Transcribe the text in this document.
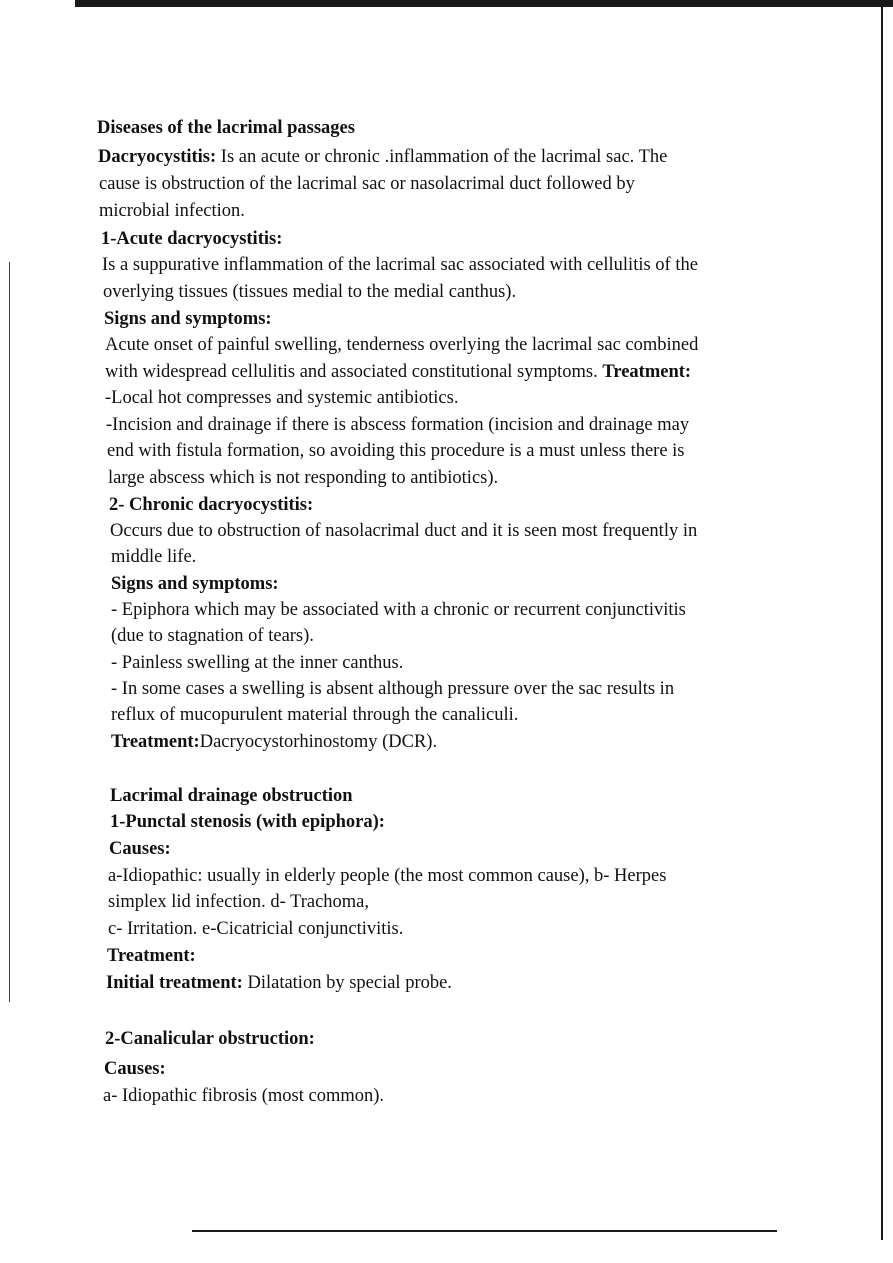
Diseases of the lacrimal passages
Dacryocystitis: Is an acute or chronic .inflammation of the lacrimal sac. The
cause is obstruction of the lacrimal sac or nasolacrimal duct followed by
microbial infection.
1-Acute dacryocystitis:
Is a suppurative inflammation of the lacrimal sac associated with cellulitis of the
overlying tissues (tissues medial to the medial canthus).
Signs and symptoms:
Acute onset of painful swelling, tenderness overlying the lacrimal sac combined
with widespread cellulitis and associated constitutional symptoms. Treatment:
-Local hot compresses and systemic antibiotics.
-Incision and drainage if there is abscess formation (incision and drainage may
end with fistula formation, so avoiding this procedure is a must unless there is
large abscess which is not responding to antibiotics).
2- Chronic dacryocystitis:
Occurs due to obstruction of nasolacrimal duct and it is seen most frequently in
middle life.
Signs and symptoms:
- Epiphora which may be associated with a chronic or recurrent conjunctivitis
(due to stagnation of tears).
- Painless swelling at the inner canthus.
- In some cases a swelling is absent although pressure over the sac results in
reflux of mucopurulent material through the canaliculi.
Treatment:Dacryocystorhinostomy (DCR).
Lacrimal drainage obstruction
1-Punctal stenosis (with epiphora):
Causes:
a-Idiopathic: usually in elderly people (the most common cause), b- Herpes
simplex lid infection. d- Trachoma,
c- Irritation. e-Cicatricial conjunctivitis.
Treatment:
Initial treatment: Dilatation by special probe.
2-Canalicular obstruction:
Causes:
a- Idiopathic fibrosis (most common).
